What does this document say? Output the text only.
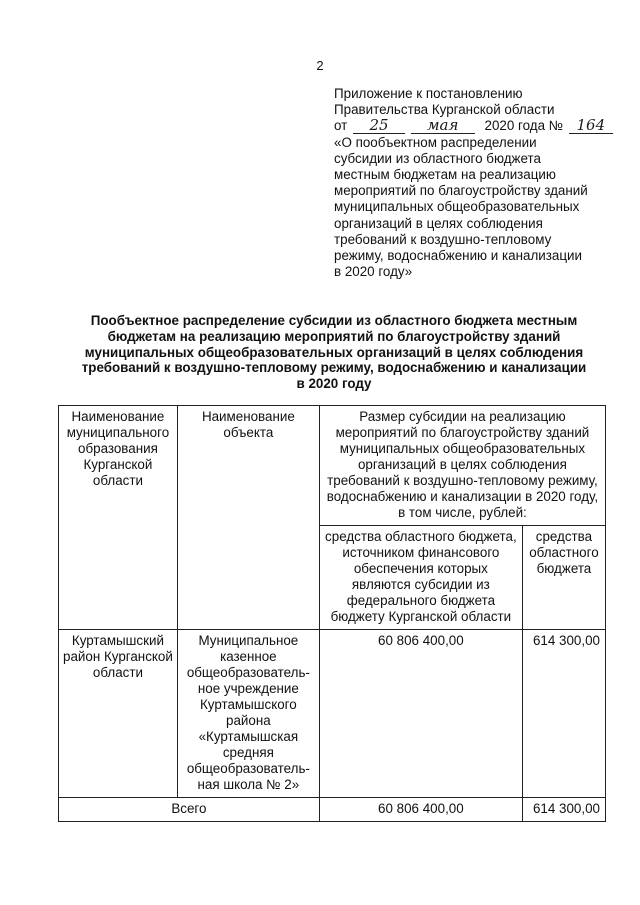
2
Приложение к постановлению
Правительства Курганской области
от 25	мая 2020 года № 164
«О пообъектном распределении
субсидии из областного бюджета
местным бюджетам на реализацию
мероприятий по благоустройству зданий
муниципальных общеобразовательных
организаций в целях соблюдения
требований к воздушно-тепловому
режиму, водоснабжению и канализации
в 2020 году»
Пообъектное распределение субсидии из областного бюджета местным
бюджетам на реализацию мероприятий по благоустройству зданий
муниципальных общеобразовательных организаций в целях соблюдения
требований к воздушно-тепловому режиму, водоснабжению и канализации
в 2020 году
Наименование муниципального образования Курганской области	Наименование объекта	Размер субсидии на реализацию мероприятий по благоустройству зданий муниципальных общеобразовательных организаций в целях соблюдения требований к воздушно-тепловому режиму, водоснабжению и канализации в 2020 году, в том числе, рублей:	
		средства областного бюджета, источником финансового обеспечения которых являются субсидии из федерального бюджета бюджету Курганской области	средства областного бюджета
Куртамышский район Курганской области	Муниципальное казенное общеобразователь-ное учреждение Куртамышского района «Куртамышская средняя общеобразователь-ная школа № 2»	60 806 400,00	614 300,00
Всего		60 806 400,00	614 300,00
